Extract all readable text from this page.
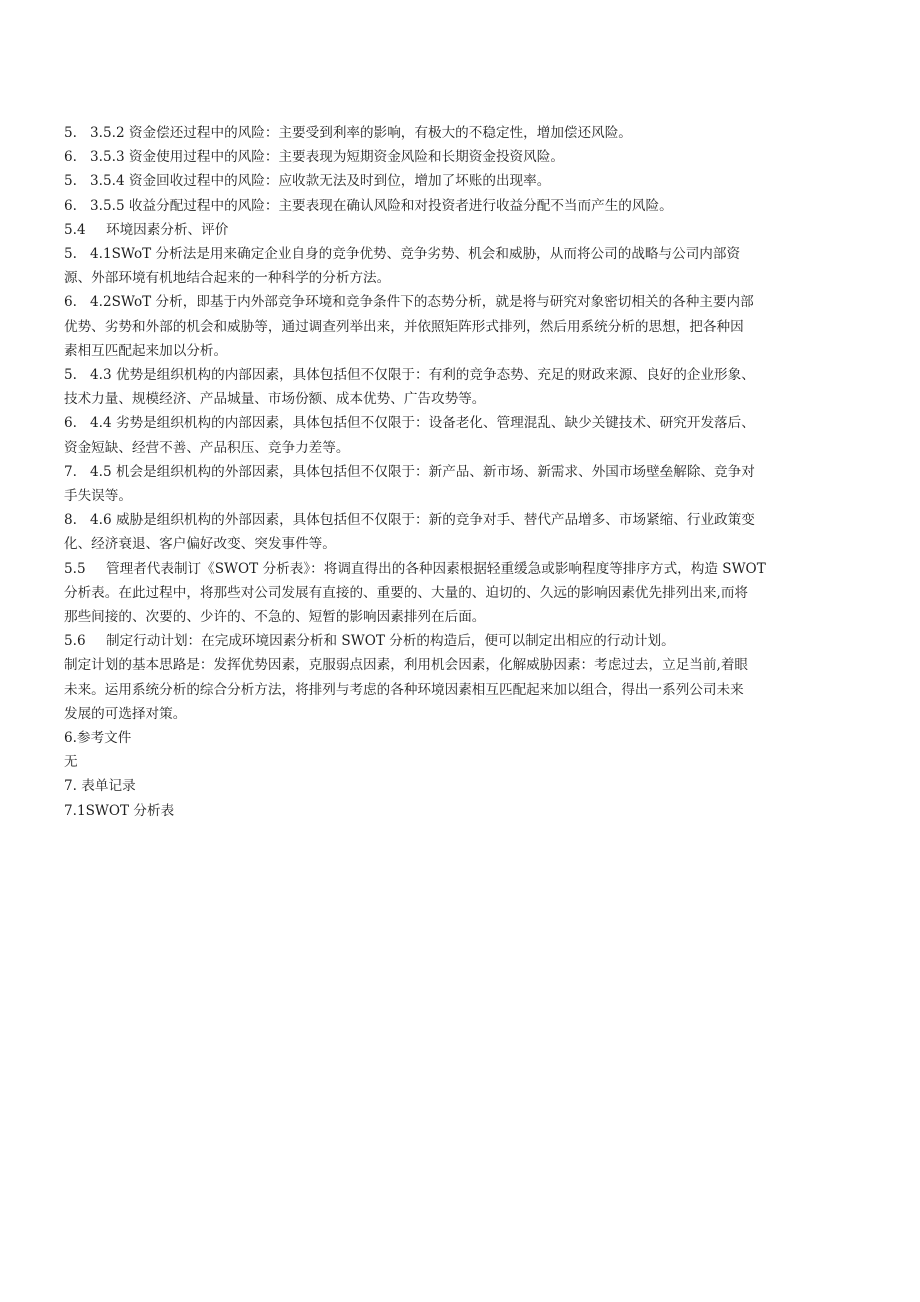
5. 3.5.2 资金偿还过程中的风险：主要受到利率的影响，有极大的不稳定性，增加偿还风险。
6. 3.5.3 资金使用过程中的风险：主要表现为短期资金风险和长期资金投资风险。
5. 3.5.4 资金回收过程中的风险：应收款无法及时到位，增加了坏账的出现率。
6. 3.5.5 收益分配过程中的风险：主要表现在确认风险和对投资者进行收益分配不当而产生的风险。
5.4 环境因素分析、评价
5. 4.1SWoT 分析法是用来确定企业自身的竞争优势、竞争劣势、机会和威胁，从而将公司的战略与公司内部资
源、外部环境有机地结合起来的一种科学的分析方法。
6. 4.2SWoT 分析，即基于内外部竞争环境和竞争条件下的态势分析，就是将与研究对象密切相关的各种主要内部
优势、劣势和外部的机会和威胁等，通过调查列举出来，并依照矩阵形式排列，然后用系统分析的思想，把各种因
素相互匹配起来加以分析。
5. 4.3 优势是组织机构的内部因素，具体包括但不仅限于：有利的竞争态势、充足的财政来源、良好的企业形象、
技术力量、规模经济、产品城量、市场份额、成本优势、广告攻势等。
6. 4.4 劣势是组织机构的内部因素，具体包括但不仅限于：设备老化、管理混乱、缺少关键技术、研究开发落后、
资金短缺、经营不善、产品积压、竞争力差等。
7. 4.5 机会是组织机构的外部因素，具体包括但不仅限于：新产品、新市场、新需求、外国市场壁垒解除、竞争对
手失误等。
8. 4.6 威胁是组织机构的外部因素，具体包括但不仅限于：新的竞争对手、替代产品增多、市场紧缩、行业政策变
化、经济衰退、客户偏好改变、突发事件等。
5.5 管理者代表制订《SWOT 分析表》：将调直得出的各种因素根据轻重缓急或影响程度等排序方式，构造 SWOT
分析表。在此过程中，将那些对公司发展有直接的、重要的、大量的、迫切的、久远的影响因素优先排列出来,而将
那些间接的、次要的、少许的、不急的、短暂的影响因素排列在后面。
5.6 制定行动计划：在完成环境因素分析和 SWOT 分析的构造后，便可以制定出相应的行动计划。
制定计划的基本思路是：发挥优势因素，克服弱点因素，利用机会因素，化解威胁因素：考虑过去，立足当前,着眼
未来。运用系统分析的综合分析方法，将排列与考虑的各种环境因素相互匹配起来加以组合，得出一系列公司未来
发展的可选择对策。
6.参考文件
无
7. 表单记录
7.1SWOT 分析表
